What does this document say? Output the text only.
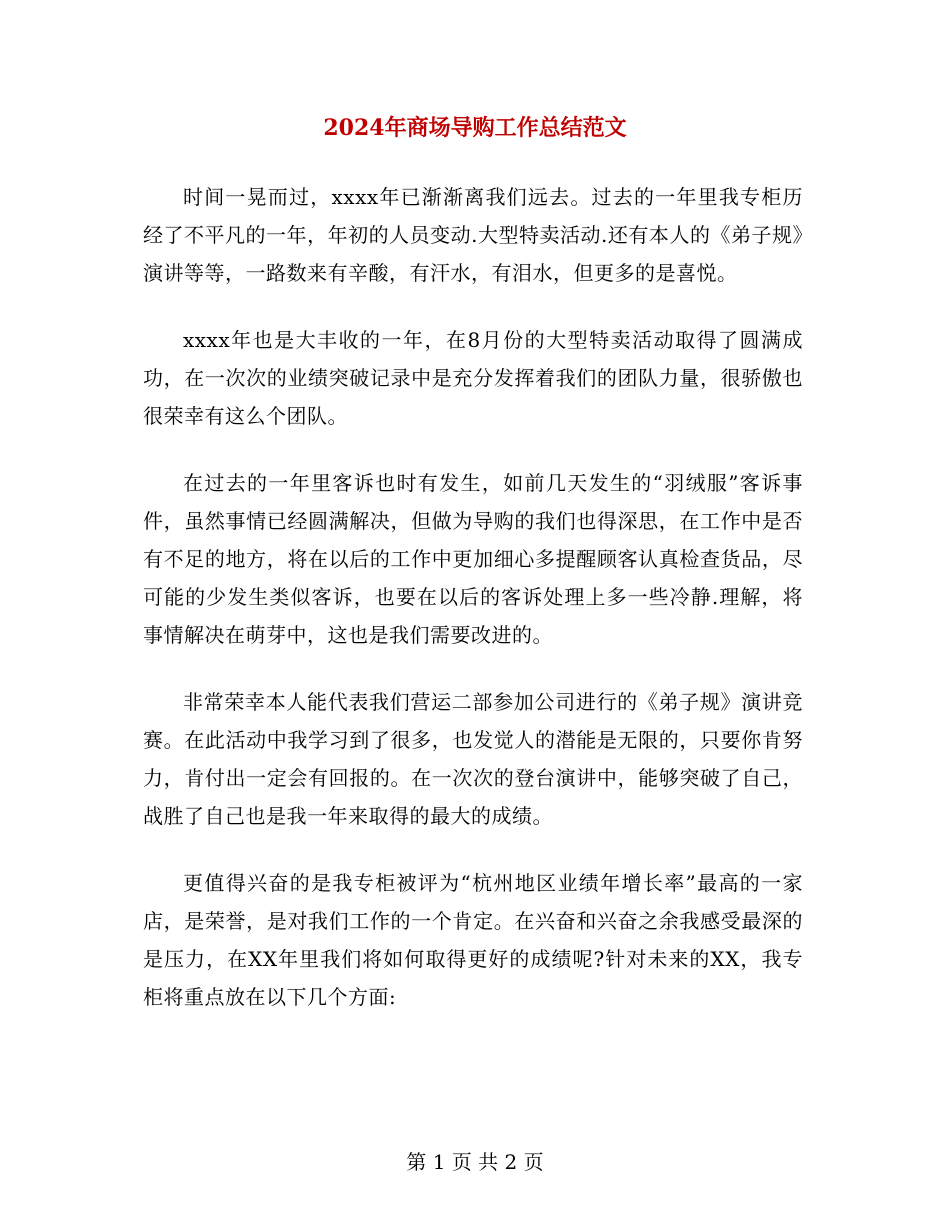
2024年商场导购工作总结范文

时间一晃而过，xxxx年已渐渐离我们远去。过去的一年里我专柜历经了不平凡的一年，年初的人员变动.大型特卖活动.还有本人的《弟子规》演讲等等，一路数来有辛酸，有汗水，有泪水，但更多的是喜悦。

xxxx年也是大丰收的一年，在8月份的大型特卖活动取得了圆满成功，在一次次的业绩突破记录中是充分发挥着我们的团队力量，很骄傲也很荣幸有这么个团队。

在过去的一年里客诉也时有发生，如前几天发生的“羽绒服”客诉事件，虽然事情已经圆满解决，但做为导购的我们也得深思，在工作中是否有不足的地方，将在以后的工作中更加细心多提醒顾客认真检查货品，尽可能的少发生类似客诉，也要在以后的客诉处理上多一些冷静.理解，将事情解决在萌芽中，这也是我们需要改进的。

非常荣幸本人能代表我们营运二部参加公司进行的《弟子规》演讲竞赛。在此活动中我学习到了很多，也发觉人的潜能是无限的，只要你肯努力，肯付出一定会有回报的。在一次次的登台演讲中，能够突破了自己，战胜了自己也是我一年来取得的最大的成绩。

更值得兴奋的是我专柜被评为“杭州地区业绩年增长率”最高的一家店，是荣誉，是对我们工作的一个肯定。在兴奋和兴奋之余我感受最深的是压力，在XX年里我们将如何取得更好的成绩呢?针对未来的XX，我专柜将重点放在以下几个方面:

第 1 页 共 2 页
